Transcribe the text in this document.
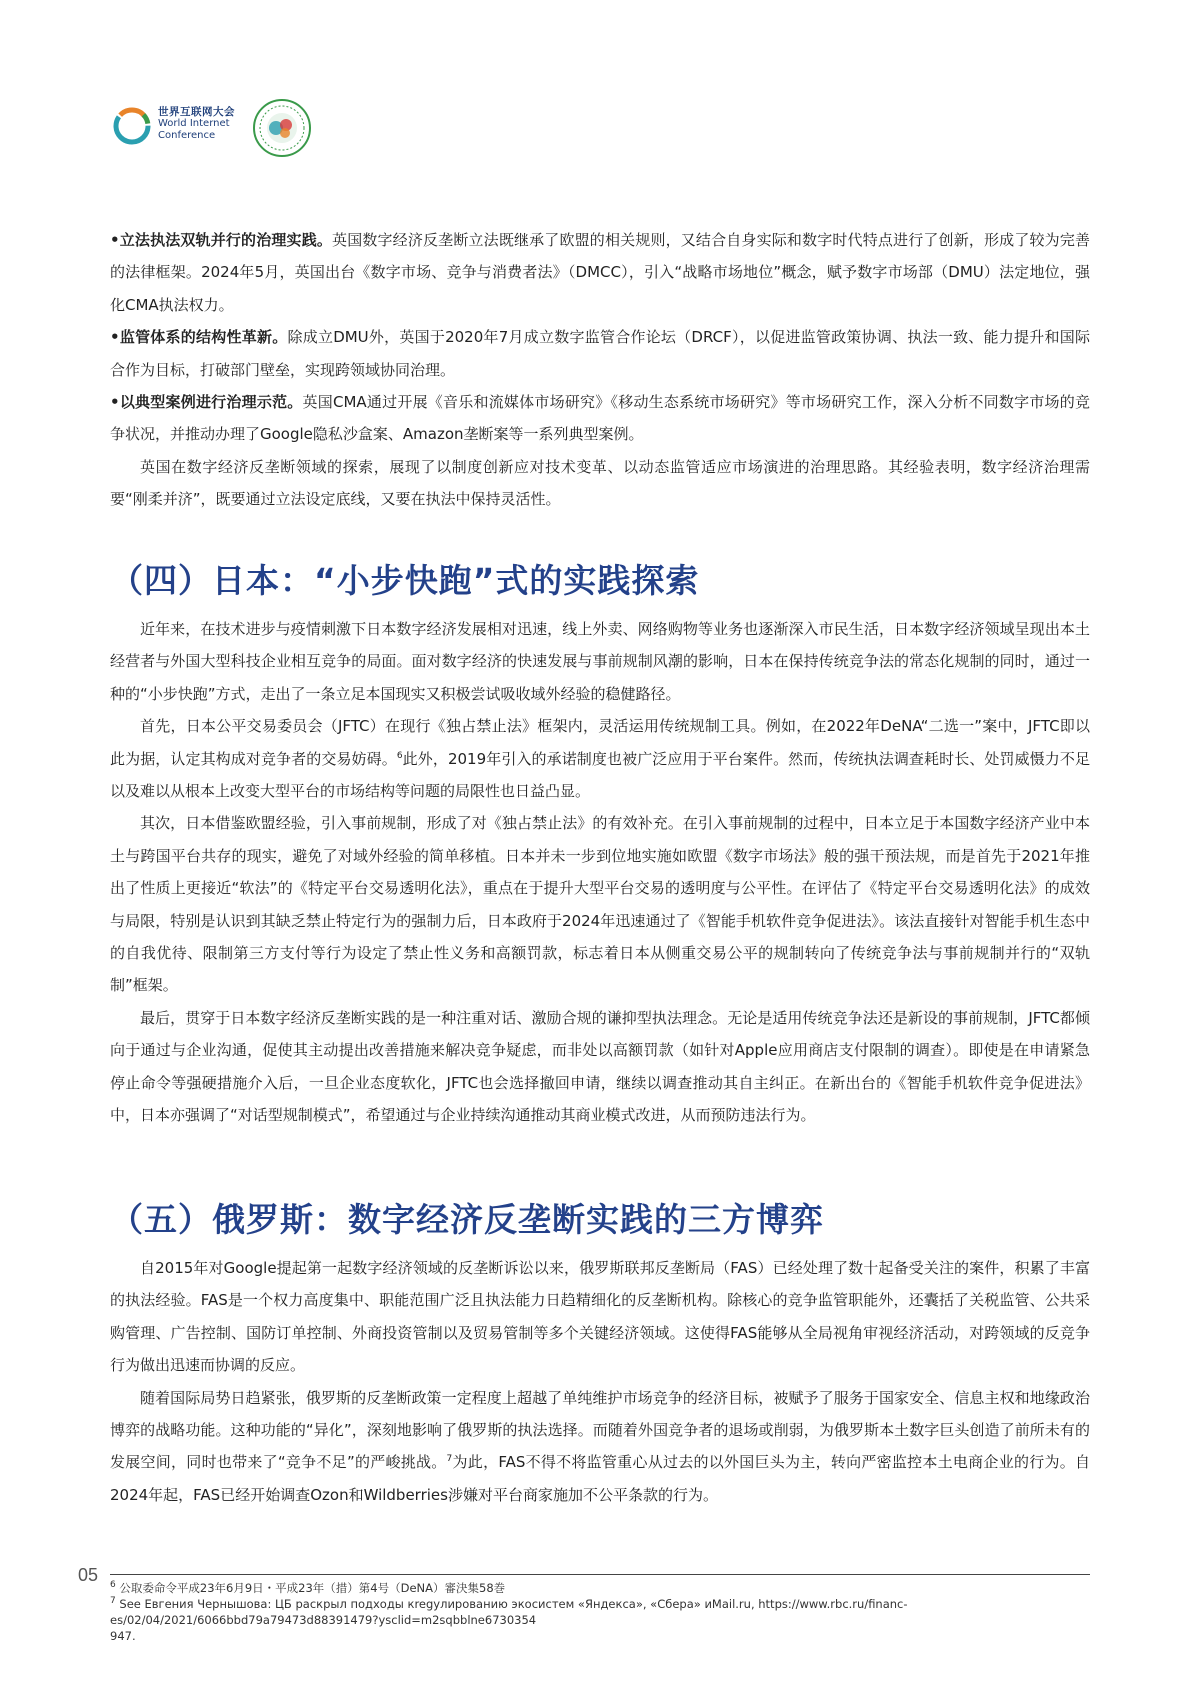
世界互联网大会
World Internet
Conference

•立法执法双轨并行的治理实践。英国数字经济反垄断立法既继承了欧盟的相关规则，又结合自身实际和数字时代特点进行了创新，形成了较为完善的法律框架。2024年5月，英国出台《数字市场、竞争与消费者法》（DMCC），引入“战略市场地位”概念，赋予数字市场部（DMU）法定地位，强化CMA执法权力。

•监管体系的结构性革新。除成立DMU外，英国于2020年7月成立数字监管合作论坛（DRCF），以促进监管政策协调、执法一致、能力提升和国际合作为目标，打破部门壁垒，实现跨领域协同治理。

•以典型案例进行治理示范。英国CMA通过开展《音乐和流媒体市场研究》《移动生态系统市场研究》等市场研究工作，深入分析不同数字市场的竞争状况，并推动办理了Google隐私沙盒案、Amazon垄断案等一系列典型案例。

英国在数字经济反垄断领域的探索，展现了以制度创新应对技术变革、以动态监管适应市场演进的治理思路。其经验表明，数字经济治理需要“刚柔并济”，既要通过立法设定底线，又要在执法中保持灵活性。

（四）日本：“小步快跑”式的实践探索

近年来，在技术进步与疫情刺激下日本数字经济发展相对迅速，线上外卖、网络购物等业务也逐渐深入市民生活，日本数字经济领域呈现出本土经营者与外国大型科技企业相互竞争的局面。面对数字经济的快速发展与事前规制风潮的影响，日本在保持传统竞争法的常态化规制的同时，通过一种的“小步快跑”方式，走出了一条立足本国现实又积极尝试吸收域外经验的稳健路径。

首先，日本公平交易委员会（JFTC）在现行《独占禁止法》框架内，灵活运用传统规制工具。例如，在2022年DeNA“二选一”案中，JFTC即以此为据，认定其构成对竞争者的交易妨碍。$^6$此外，2019年引入的承诺制度也被广泛应用于平台案件。然而，传统执法调查耗时长、处罚威慑力不足以及难以从根本上改变大型平台的市场结构等问题的局限性也日益凸显。

其次，日本借鉴欧盟经验，引入事前规制，形成了对《独占禁止法》的有效补充。在引入事前规制的过程中，日本立足于本国数字经济产业中本土与跨国平台共存的现实，避免了对域外经验的简单移植。日本并未一步到位地实施如欧盟《数字市场法》般的强干预法规，而是首先于2021年推出了性质上更接近“软法”的《特定平台交易透明化法》，重点在于提升大型平台交易的透明度与公平性。在评估了《特定平台交易透明化法》的成效与局限，特别是认识到其缺乏禁止特定行为的强制力后，日本政府于2024年迅速通过了《智能手机软件竞争促进法》。该法直接针对智能手机生态中的自我优待、限制第三方支付等行为设定了禁止性义务和高额罚款，标志着日本从侧重交易公平的规制转向了传统竞争法与事前规制并行的“双轨制”框架。

最后，贯穿于日本数字经济反垄断实践的是一种注重对话、激励合规的谦抑型执法理念。无论是适用传统竞争法还是新设的事前规制，JFTC都倾向于通过与企业沟通，促使其主动提出改善措施来解决竞争疑虑，而非处以高额罚款（如针对Apple应用商店支付限制的调查）。即使是在申请紧急停止命令等强硬措施介入后，一旦企业态度软化，JFTC也会选择撤回申请，继续以调查推动其自主纠正。在新出台的《智能手机软件竞争促进法》中，日本亦强调了“对话型规制模式”，希望通过与企业持续沟通推动其商业模式改进，从而预防违法行为。

（五）俄罗斯：数字经济反垄断实践的三方博弈

自2015年对Google提起第一起数字经济领域的反垄断诉讼以来，俄罗斯联邦反垄断局（FAS）已经处理了数十起备受关注的案件，积累了丰富的执法经验。FAS是一个权力高度集中、职能范围广泛且执法能力日趋精细化的反垄断机构。除核心的竞争监管职能外，还囊括了关税监管、公共采购管理、广告控制、国防订单控制、外商投资管制以及贸易管制等多个关键经济领域。这使得FAS能够从全局视角审视经济活动，对跨领域的反竞争行为做出迅速而协调的反应。

随着国际局势日趋紧张，俄罗斯的反垄断政策一定程度上超越了单纯维护市场竞争的经济目标，被赋予了服务于国家安全、信息主权和地缘政治博弈的战略功能。这种功能的“异化”，深刻地影响了俄罗斯的执法选择。而随着外国竞争者的退场或削弱，为俄罗斯本土数字巨头创造了前所未有的发展空间，同时也带来了“竞争不足”的严峻挑战。$^7$为此，FAS不得不将监管重心从过去的以外国巨头为主，转向严密监控本土电商企业的行为。自2024年起，FAS已经开始调查Ozon和Wildberries涉嫌对平台商家施加不公平条款的行为。

05
$^6$ 公取委命令平成23年6月9日・平成23年（措）第4号（DeNA）審決集58巻
$^7$ See Евгения Чернышова: ЦБ раскрыл подходы кregулированию экосистем «Яндекса», «Сбера» иMail.ru, https://www.rbc.ru/financ-
es/02/04/2021/6066bbd79a79473d88391479?ysclid=m2sqbblne6730354
947.
